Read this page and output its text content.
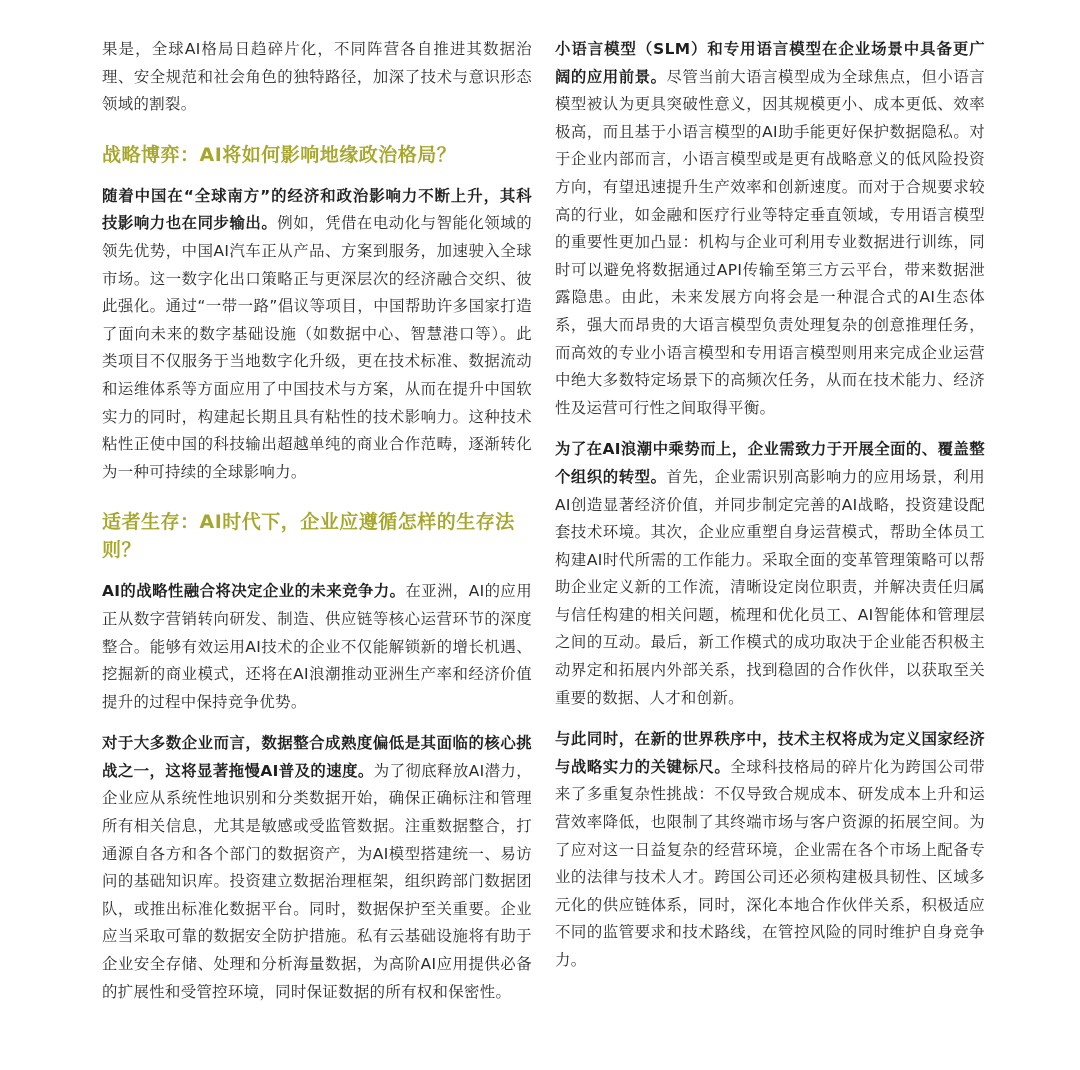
果是，全球AI格局日趋碎片化，不同阵营各自推进其数据治理、安全规范和社会角色的独特路径，加深了技术与意识形态领域的割裂。

战略博弈：AI将如何影响地缘政治格局？

随着中国在“全球南方”的经济和政治影响力不断上升，其科技影响力也在同步输出。例如，凭借在电动化与智能化领域的领先优势，中国AI汽车正从产品、方案到服务，加速驶入全球市场。这一数字化出口策略正与更深层次的经济融合交织、彼此强化。通过“一带一路”倡议等项目，中国帮助许多国家打造了面向未来的数字基础设施（如数据中心、智慧港口等）。此类项目不仅服务于当地数字化升级，更在技术标准、数据流动和运维体系等方面应用了中国技术与方案，从而在提升中国软实力的同时，构建起长期且具有粘性的技术影响力。这种技术粘性正使中国的科技输出超越单纯的商业合作范畴，逐渐转化为一种可持续的全球影响力。

适者生存：AI时代下，企业应遵循怎样的生存法则？

AI的战略性融合将决定企业的未来竞争力。在亚洲，AI的应用正从数字营销转向研发、制造、供应链等核心运营环节的深度整合。能够有效运用AI技术的企业不仅能解锁新的增长机遇、挖掘新的商业模式，还将在AI浪潮推动亚洲生产率和经济价值提升的过程中保持竞争优势。

对于大多数企业而言，数据整合成熟度偏低是其面临的核心挑战之一，这将显著拖慢AI普及的速度。为了彻底释放AI潜力，企业应从系统性地识别和分类数据开始，确保正确标注和管理所有相关信息，尤其是敏感或受监管数据。注重数据整合，打通源自各方和各个部门的数据资产，为AI模型搭建统一、易访问的基础知识库。投资建立数据治理框架，组织跨部门数据团队，或推出标准化数据平台。同时，数据保护至关重要。企业应当采取可靠的数据安全防护措施。私有云基础设施将有助于企业安全存储、处理和分析海量数据，为高阶AI应用提供必备的扩展性和受管控环境，同时保证数据的所有权和保密性。

小语言模型（SLM）和专用语言模型在企业场景中具备更广阔的应用前景。尽管当前大语言模型成为全球焦点，但小语言模型被认为更具突破性意义，因其规模更小、成本更低、效率极高，而且基于小语言模型的AI助手能更好保护数据隐私。对于企业内部而言，小语言模型或是更有战略意义的低风险投资方向，有望迅速提升生产效率和创新速度。而对于合规要求较高的行业，如金融和医疗行业等特定垂直领域，专用语言模型的重要性更加凸显：机构与企业可利用专业数据进行训练，同时可以避免将数据通过API传输至第三方云平台，带来数据泄露隐患。由此，未来发展方向将会是一种混合式的AI生态体系，强大而昂贵的大语言模型负责处理复杂的创意推理任务，而高效的专业小语言模型和专用语言模型则用来完成企业运营中绝大多数特定场景下的高频次任务，从而在技术能力、经济性及运营可行性之间取得平衡。

为了在AI浪潮中乘势而上，企业需致力于开展全面的、覆盖整个组织的转型。首先，企业需识别高影响力的应用场景，利用AI创造显著经济价值，并同步制定完善的AI战略，投资建设配套技术环境。其次，企业应重塑自身运营模式，帮助全体员工构建AI时代所需的工作能力。采取全面的变革管理策略可以帮助企业定义新的工作流，清晰设定岗位职责，并解决责任归属与信任构建的相关问题，梳理和优化员工、AI智能体和管理层之间的互动。最后，新工作模式的成功取决于企业能否积极主动界定和拓展内外部关系，找到稳固的合作伙伴，以获取至关重要的数据、人才和创新。

与此同时，在新的世界秩序中，技术主权将成为定义国家经济与战略实力的关键标尺。全球科技格局的碎片化为跨国公司带来了多重复杂性挑战：不仅导致合规成本、研发成本上升和运营效率降低，也限制了其终端市场与客户资源的拓展空间。为了应对这一日益复杂的经营环境，企业需在各个市场上配备专业的法律与技术人才。跨国公司还必须构建极具韧性、区域多元化的供应链体系，同时，深化本地合作伙伴关系，积极适应不同的监管要求和技术路线，在管控风险的同时维护自身竞争力。
